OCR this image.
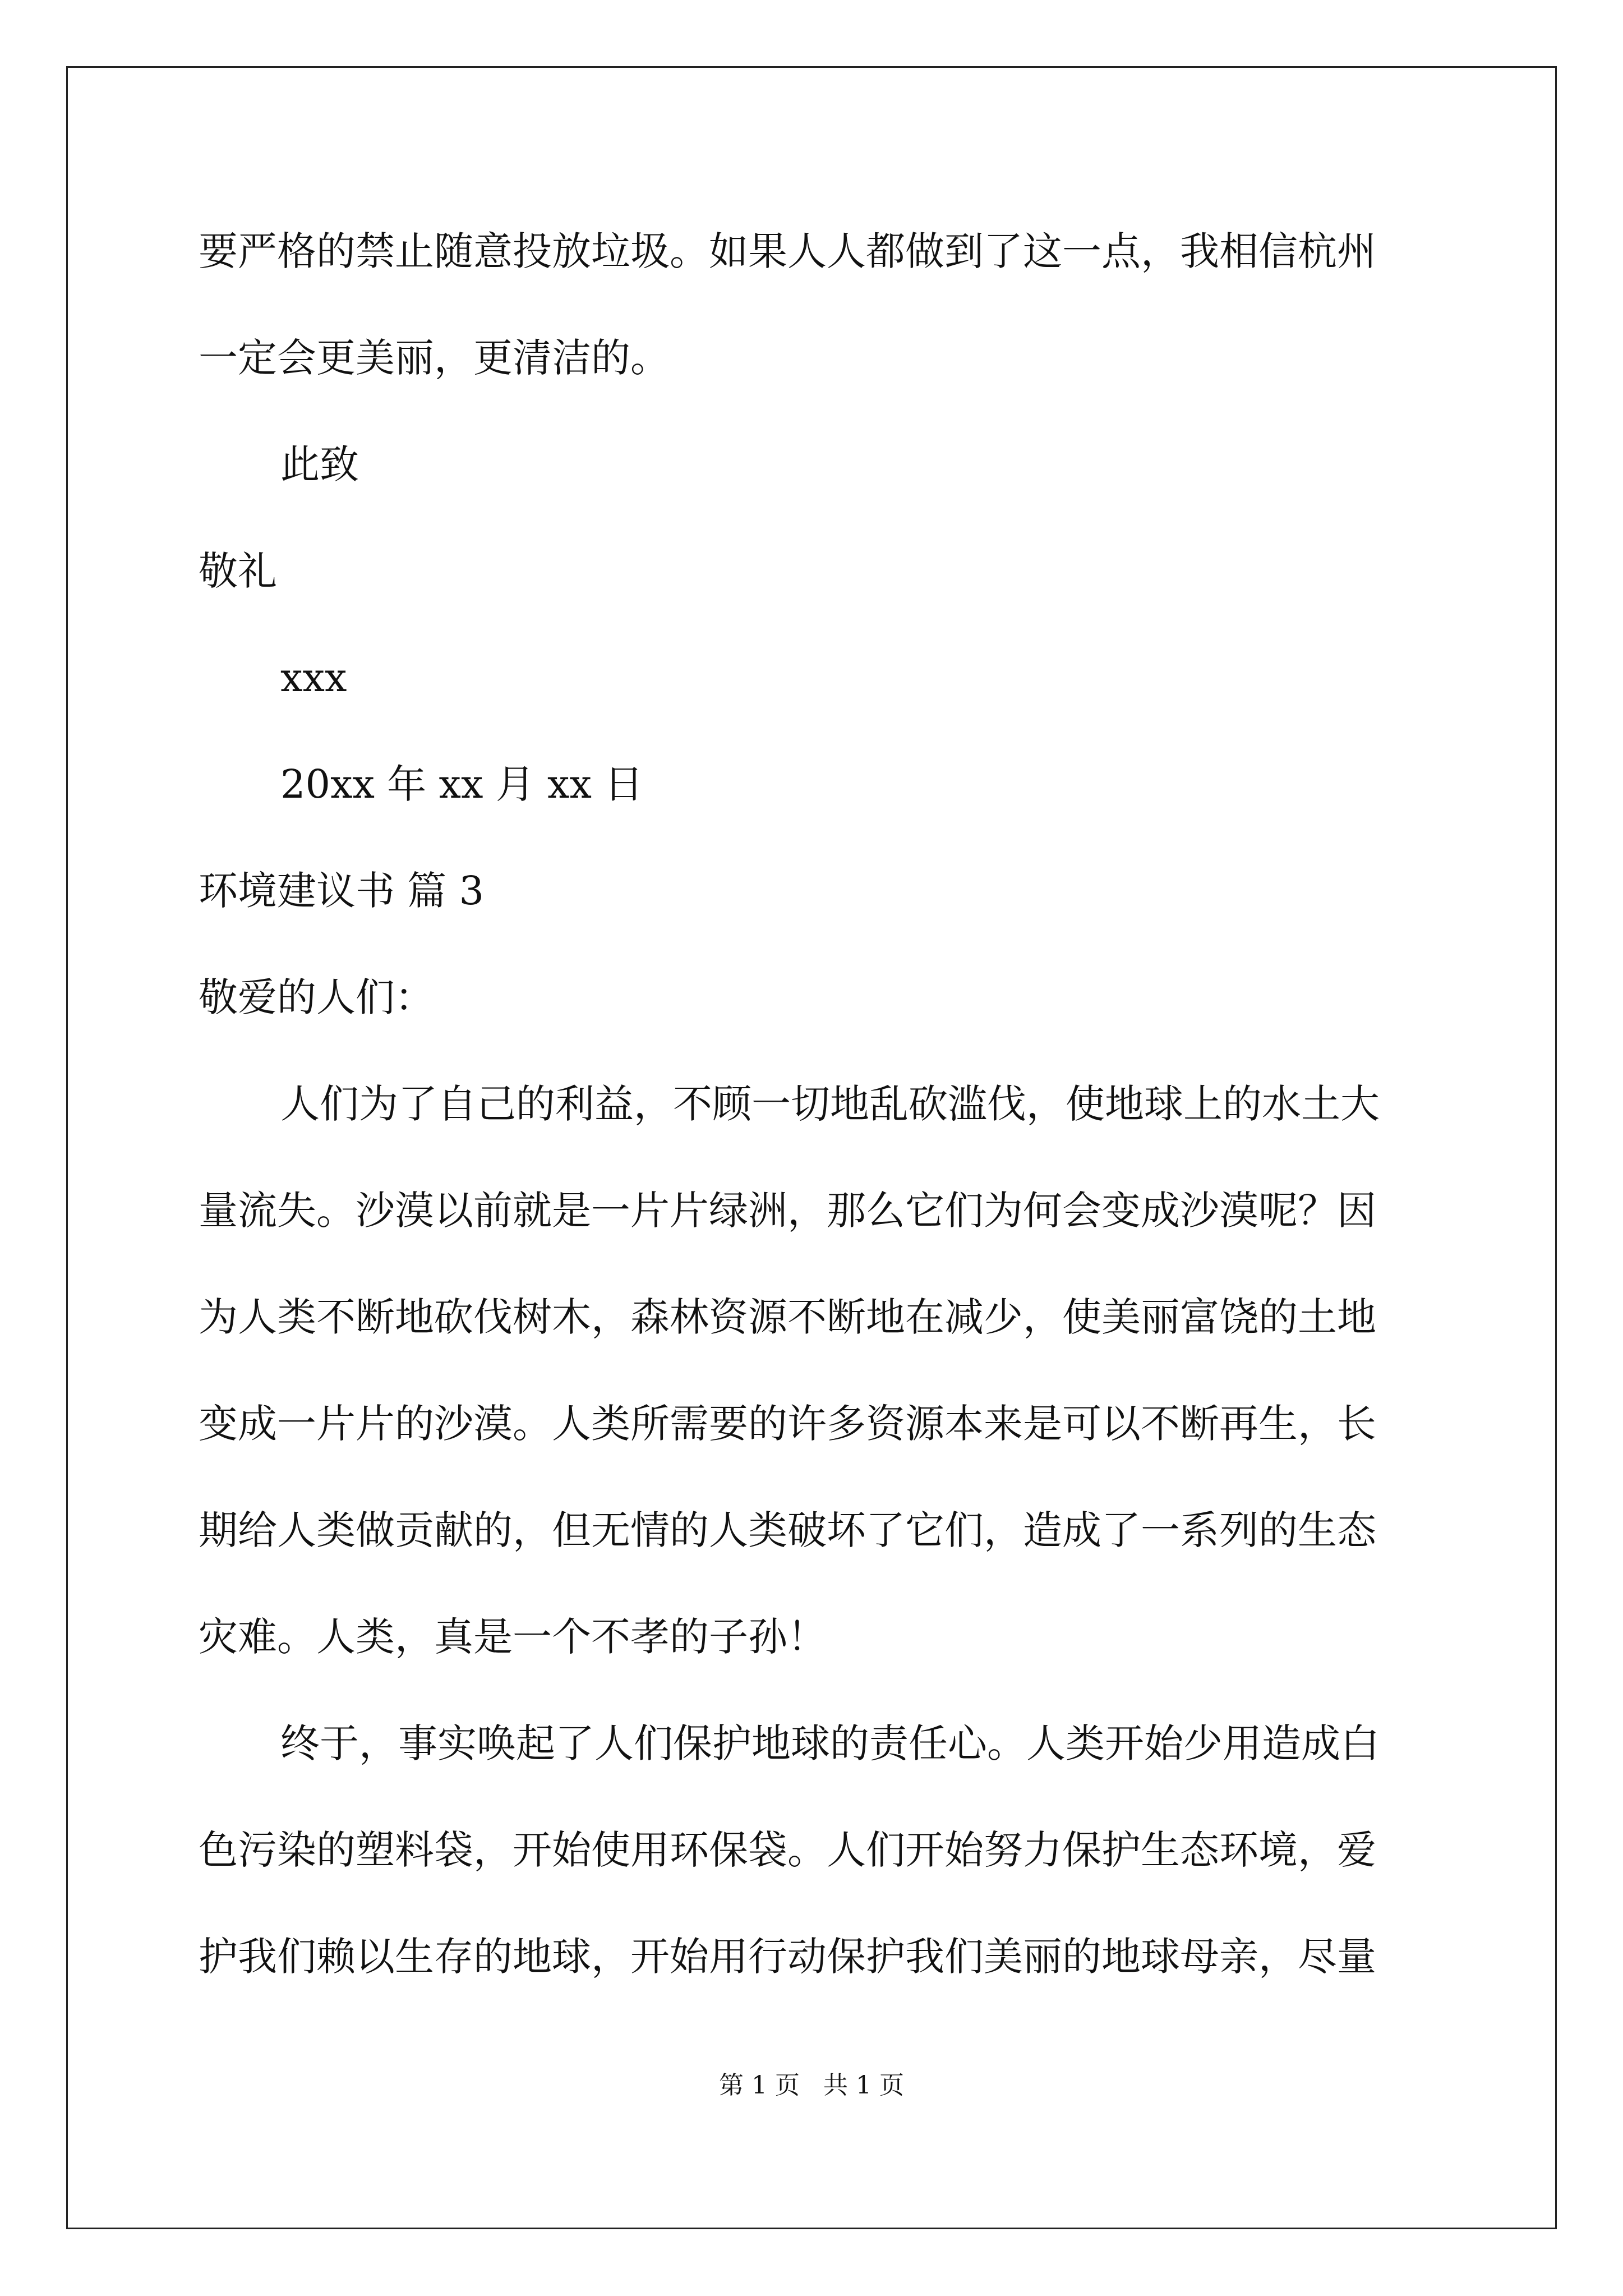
要严格的禁止随意投放垃圾。如果人人都做到了这一点，我相信杭州

一定会更美丽，更清洁的。

此致

敬礼

xxx

20xx 年 xx 月 xx 日

环境建议书 篇 3

敬爱的人们：

人们为了自己的利益，不顾一切地乱砍滥伐，使地球上的水土大

量流失。沙漠以前就是一片片绿洲，那么它们为何会变成沙漠呢？因

为人类不断地砍伐树木，森林资源不断地在减少，使美丽富饶的土地

变成一片片的沙漠。人类所需要的许多资源本来是可以不断再生，长

期给人类做贡献的，但无情的人类破坏了它们，造成了一系列的生态

灾难。人类，真是一个不孝的子孙！

终于，事实唤起了人们保护地球的责任心。人类开始少用造成白

色污染的塑料袋，开始使用环保袋。人们开始努力保护生态环境，爱

护我们赖以生存的地球，开始用行动保护我们美丽的地球母亲，尽量

第 1 页   共 1 页
